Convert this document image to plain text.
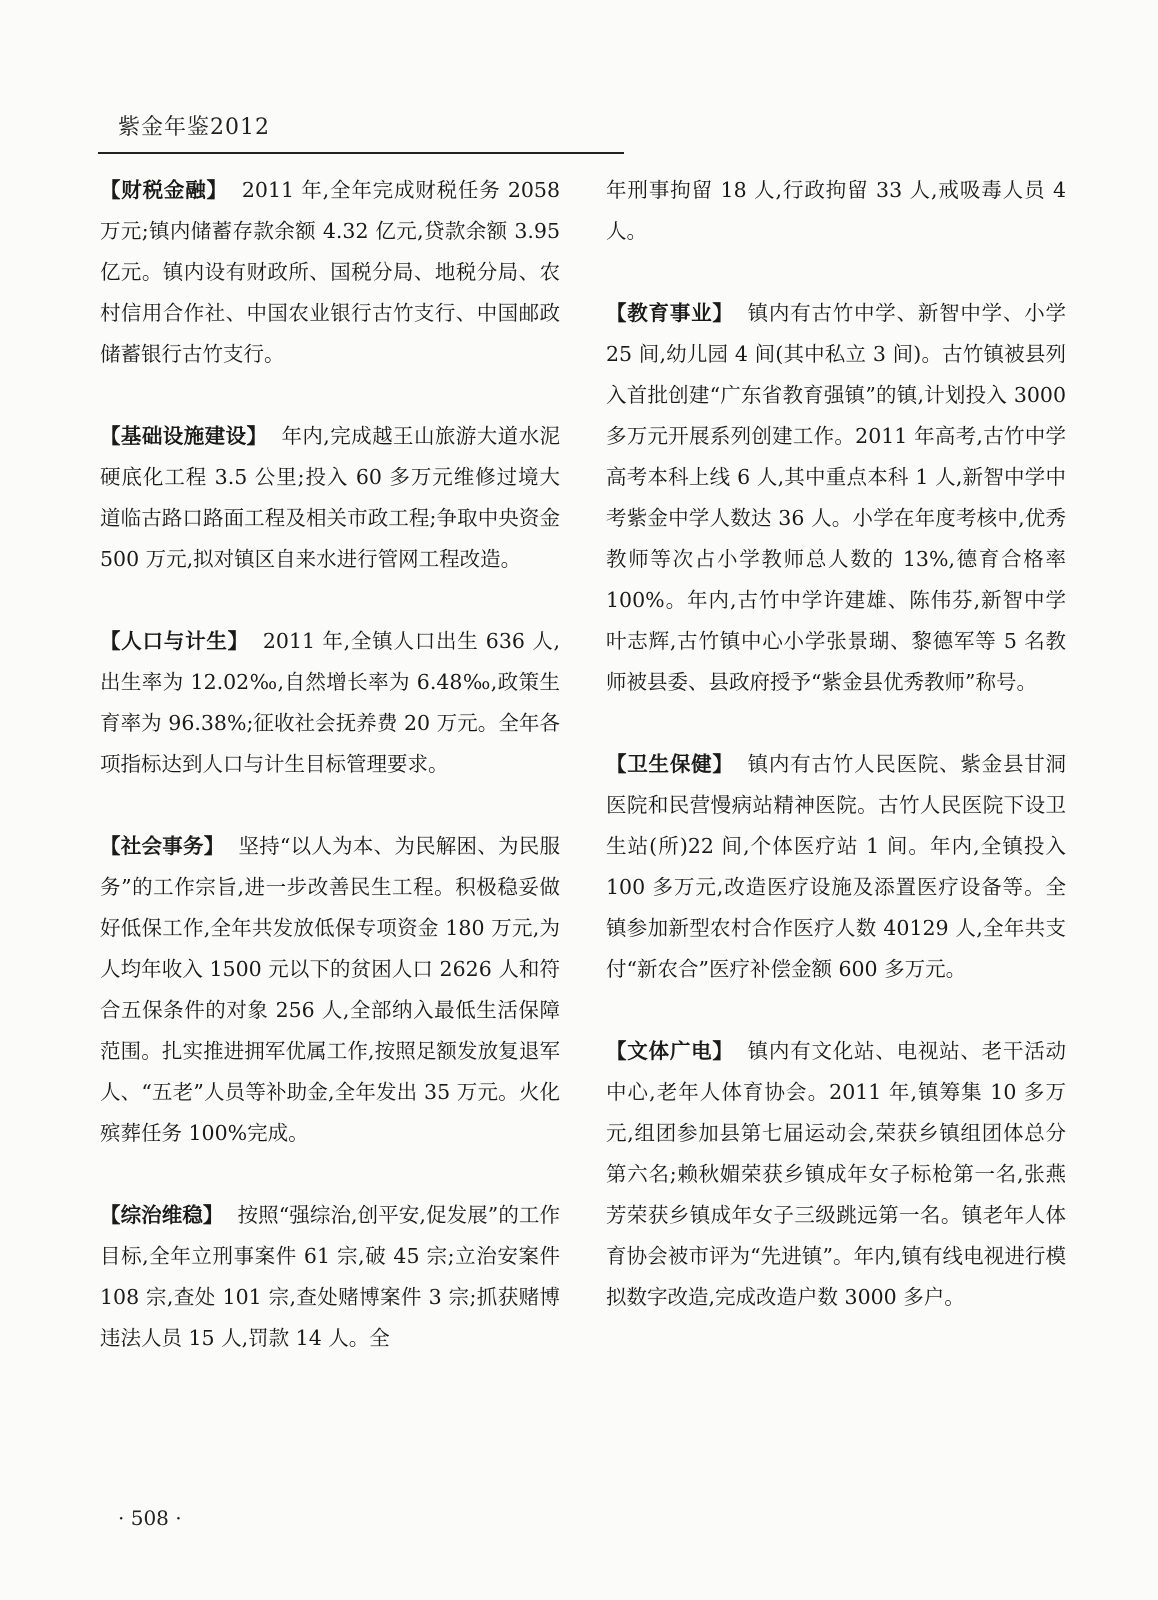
紫金年鉴2012

【财税金融】 2011 年,全年完成财税任务 2058 万元;镇内储蓄存款余额 4.32 亿元,贷款余额 3.95 亿元。镇内设有财政所、国税分局、地税分局、农村信用合作社、中国农业银行古竹支行、中国邮政储蓄银行古竹支行。

【基础设施建设】 年内,完成越王山旅游大道水泥硬底化工程 3.5 公里;投入 60 多万元维修过境大道临古路口路面工程及相关市政工程;争取中央资金 500 万元,拟对镇区自来水进行管网工程改造。

【人口与计生】 2011 年,全镇人口出生 636 人,出生率为 12.02‰,自然增长率为 6.48‰,政策生育率为 96.38%;征收社会抚养费 20 万元。全年各项指标达到人口与计生目标管理要求。

【社会事务】 坚持“以人为本、为民解困、为民服务”的工作宗旨,进一步改善民生工程。积极稳妥做好低保工作,全年共发放低保专项资金 180 万元,为人均年收入 1500 元以下的贫困人口 2626 人和符合五保条件的对象 256 人,全部纳入最低生活保障范围。扎实推进拥军优属工作,按照足额发放复退军人、“五老”人员等补助金,全年发出 35 万元。火化殡葬任务 100%完成。

【综治维稳】 按照“强综治,创平安,促发展”的工作目标,全年立刑事案件 61 宗,破 45 宗;立治安案件 108 宗,查处 101 宗,查处赌博案件 3 宗;抓获赌博违法人员 15 人,罚款 14 人。全

年刑事拘留 18 人,行政拘留 33 人,戒吸毒人员 4 人。

【教育事业】 镇内有古竹中学、新智中学、小学 25 间,幼儿园 4 间(其中私立 3 间)。古竹镇被县列入首批创建“广东省教育强镇”的镇,计划投入 3000 多万元开展系列创建工作。2011 年高考,古竹中学高考本科上线 6 人,其中重点本科 1 人,新智中学中考紫金中学人数达 36 人。小学在年度考核中,优秀教师等次占小学教师总人数的 13%,德育合格率 100%。年内,古竹中学许建雄、陈伟芬,新智中学叶志辉,古竹镇中心小学张景瑚、黎德军等 5 名教师被县委、县政府授予“紫金县优秀教师”称号。

【卫生保健】 镇内有古竹人民医院、紫金县甘洞医院和民营慢病站精神医院。古竹人民医院下设卫生站(所)22 间,个体医疗站 1 间。年内,全镇投入 100 多万元,改造医疗设施及添置医疗设备等。全镇参加新型农村合作医疗人数 40129 人,全年共支付“新农合”医疗补偿金额 600 多万元。

【文体广电】 镇内有文化站、电视站、老干活动中心,老年人体育协会。2011 年,镇筹集 10 多万元,组团参加县第七届运动会,荣获乡镇组团体总分第六名;赖秋媚荣获乡镇成年女子标枪第一名,张燕芳荣获乡镇成年女子三级跳远第一名。镇老年人体育协会被市评为“先进镇”。年内,镇有线电视进行模拟数字改造,完成改造户数 3000 多户。

· 508 ·
